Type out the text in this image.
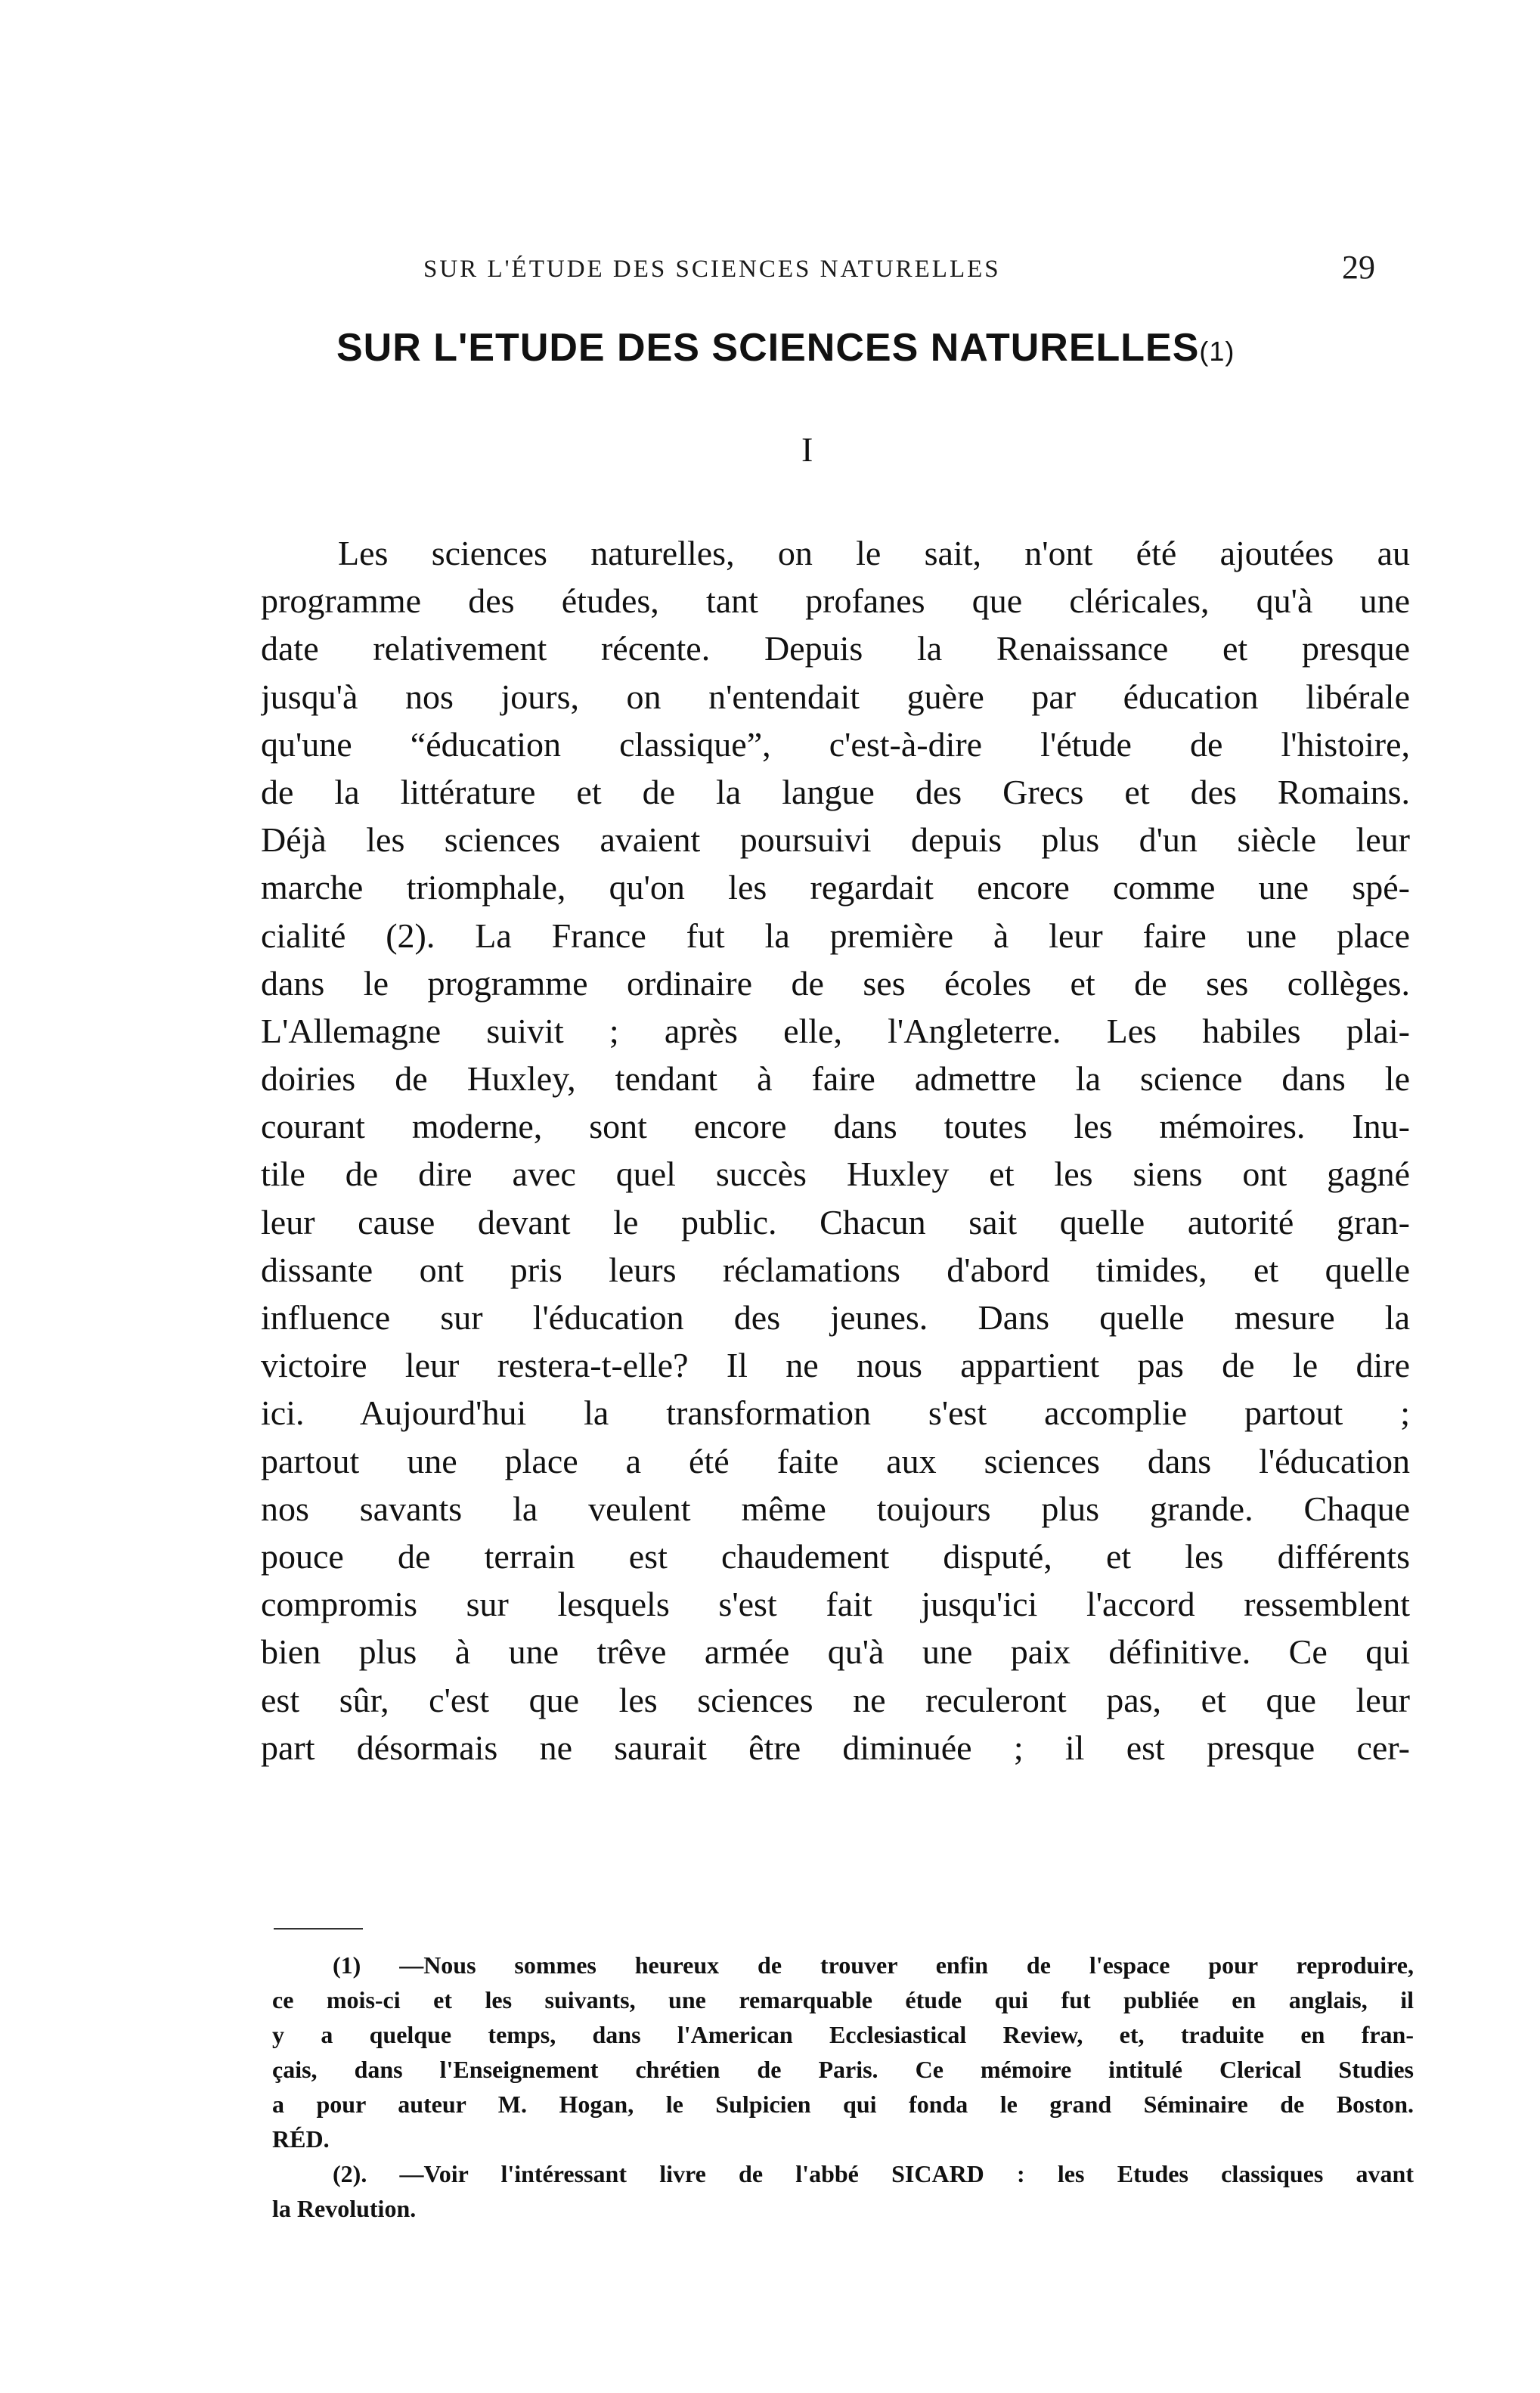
SUR L'ÉTUDE DES SCIENCES NATURELLES	29
SUR L'ETUDE DES SCIENCES NATURELLES(1)
I
Les sciences naturelles, on le sait, n'ont été ajoutées au
programme des études, tant profanes que cléricales, qu'à une
date relativement récente. Depuis la Renaissance et presque
jusqu'à nos jours, on n'entendait guère par éducation libérale
qu'une “éducation classique”, c'est-à-dire l'étude de l'histoire,
de la littérature et de la langue des Grecs et des Romains.
Déjà les sciences avaient poursuivi depuis plus d'un siècle leur
marche triomphale, qu'on les regardait encore comme une spé-
cialité (2). La France fut la première à leur faire une place
dans le programme ordinaire de ses écoles et de ses collèges.
L'Allemagne suivit ; après elle, l'Angleterre. Les habiles plai-
doiries de Huxley, tendant à faire admettre la science dans le
courant moderne, sont encore dans toutes les mémoires. Inu-
tile de dire avec quel succès Huxley et les siens ont gagné
leur cause devant le public. Chacun sait quelle autorité gran-
dissante ont pris leurs réclamations d'abord timides, et quelle
influence sur l'éducation des jeunes. Dans quelle mesure la
victoire leur restera-t-elle? Il ne nous appartient pas de le dire
ici. Aujourd'hui la transformation s'est accomplie partout ;
partout une place a été faite aux sciences dans l'éducation
nos savants la veulent même toujours plus grande. Chaque
pouce de terrain est chaudement disputé, et les différents
compromis sur lesquels s'est fait jusqu'ici l'accord ressemblent
bien plus à une trêve armée qu'à une paix définitive. Ce qui
est sûr, c'est que les sciences ne reculeront pas, et que leur
part désormais ne saurait être diminuée ; il est presque cer-
(1) —Nous sommes heureux de trouver enfin de l'espace pour reproduire,
ce mois-ci et les suivants, une remarquable étude qui fut publiée en anglais, il
y a quelque temps, dans l'American Ecclesiastical Review, et, traduite en fran-
çais, dans l'Enseignement chrétien de Paris. Ce mémoire intitulé Clerical Studies
a pour auteur M. Hogan, le Sulpicien qui fonda le grand Séminaire de Boston.
RÉD.
(2). —Voir l'intéressant livre de l'abbé SICARD : les Etudes classiques avant
la Revolution.
